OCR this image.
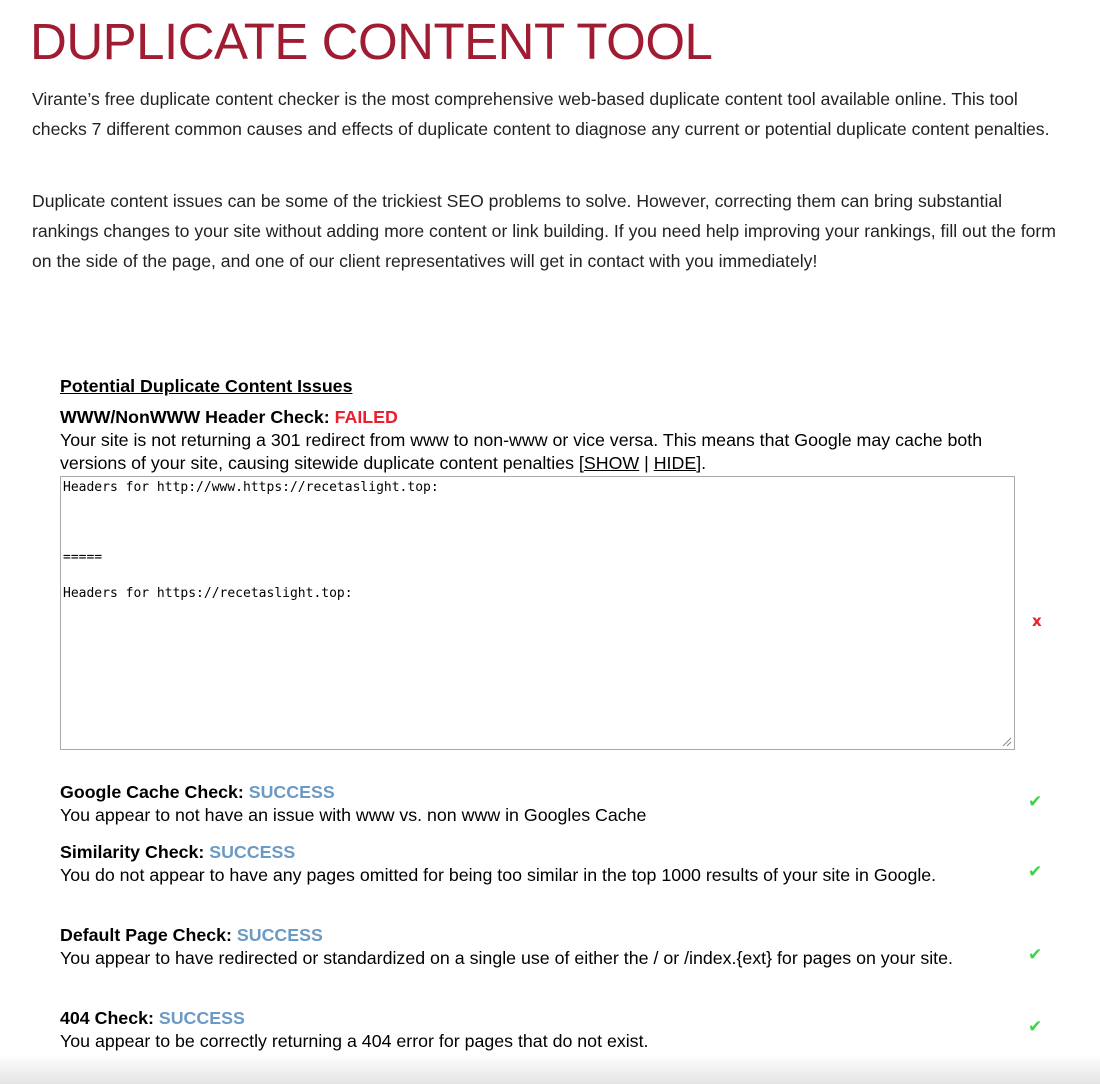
DUPLICATE CONTENT TOOL

Virante’s free duplicate content checker is the most comprehensive web-based duplicate content tool available online. This tool checks 7 different common causes and effects of duplicate content to diagnose any current or potential duplicate content penalties.

Duplicate content issues can be some of the trickiest SEO problems to solve. However, correcting them can bring substantial rankings changes to your site without adding more content or link building. If you need help improving your rankings, fill out the form on the side of the page, and one of our client representatives will get in contact with you immediately!

Potential Duplicate Content Issues
WWW/NonWWW Header Check: FAILED
Your site is not returning a 301 redirect from www to non-www or vice versa. This means that Google may cache both versions of your site, causing sitewide duplicate content penalties [SHOW | HIDE].
Headers for http://www.https://recetaslight.top:

=====

Headers for https://recetaslight.top:
x
Google Cache Check: SUCCESS
You appear to not have an issue with www vs. non www in Googles Cache
✔
Similarity Check: SUCCESS
You do not appear to have any pages omitted for being too similar in the top 1000 results of your site in Google.	✔
Default Page Check: SUCCESS
You appear to have redirected or standardized on a single use of either the / or /index.{ext} for pages on your site.	✔
404 Check: SUCCESS
You appear to be correctly returning a 404 error for pages that do not exist.
✔
